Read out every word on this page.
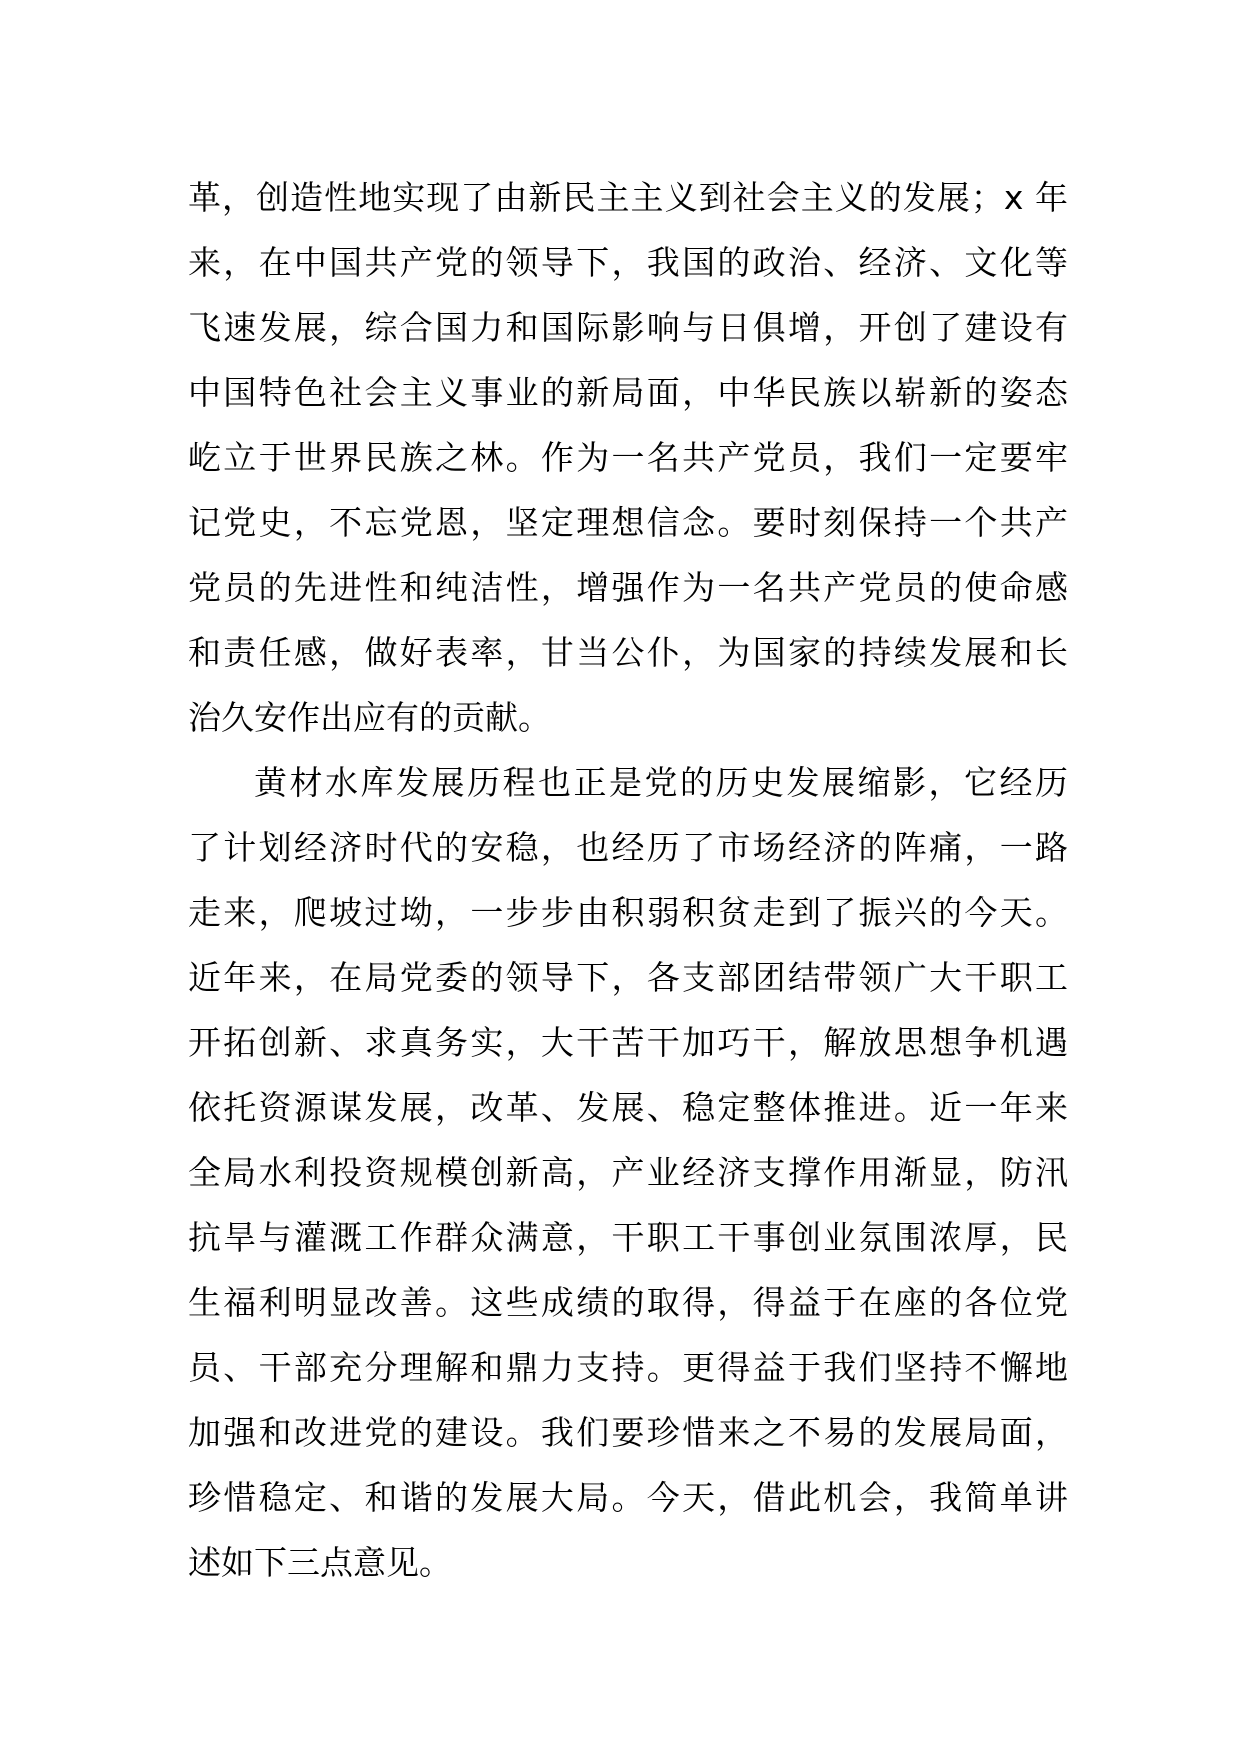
革，创造性地实现了由新民主主义到社会主义的发展；x 年
来，在中国共产党的领导下，我国的政治、经济、文化等
飞速发展，综合国力和国际影响与日俱增，开创了建设有
中国特色社会主义事业的新局面，中华民族以崭新的姿态
屹立于世界民族之林。作为一名共产党员，我们一定要牢
记党史，不忘党恩，坚定理想信念。要时刻保持一个共产
党员的先进性和纯洁性，增强作为一名共产党员的使命感
和责任感，做好表率，甘当公仆，为国家的持续发展和长
治久安作出应有的贡献。
黄材水库发展历程也正是党的历史发展缩影，它经历
了计划经济时代的安稳，也经历了市场经济的阵痛，一路
走来，爬坡过坳，一步步由积弱积贫走到了振兴的今天。
近年来，在局党委的领导下，各支部团结带领广大干职工
开拓创新、求真务实，大干苦干加巧干，解放思想争机遇
依托资源谋发展，改革、发展、稳定整体推进。近一年来
全局水利投资规模创新高，产业经济支撑作用渐显，防汛
抗旱与灌溉工作群众满意，干职工干事创业氛围浓厚，民
生福利明显改善。这些成绩的取得，得益于在座的各位党
员、干部充分理解和鼎力支持。更得益于我们坚持不懈地
加强和改进党的建设。我们要珍惜来之不易的发展局面，
珍惜稳定、和谐的发展大局。今天，借此机会，我简单讲
述如下三点意见。
